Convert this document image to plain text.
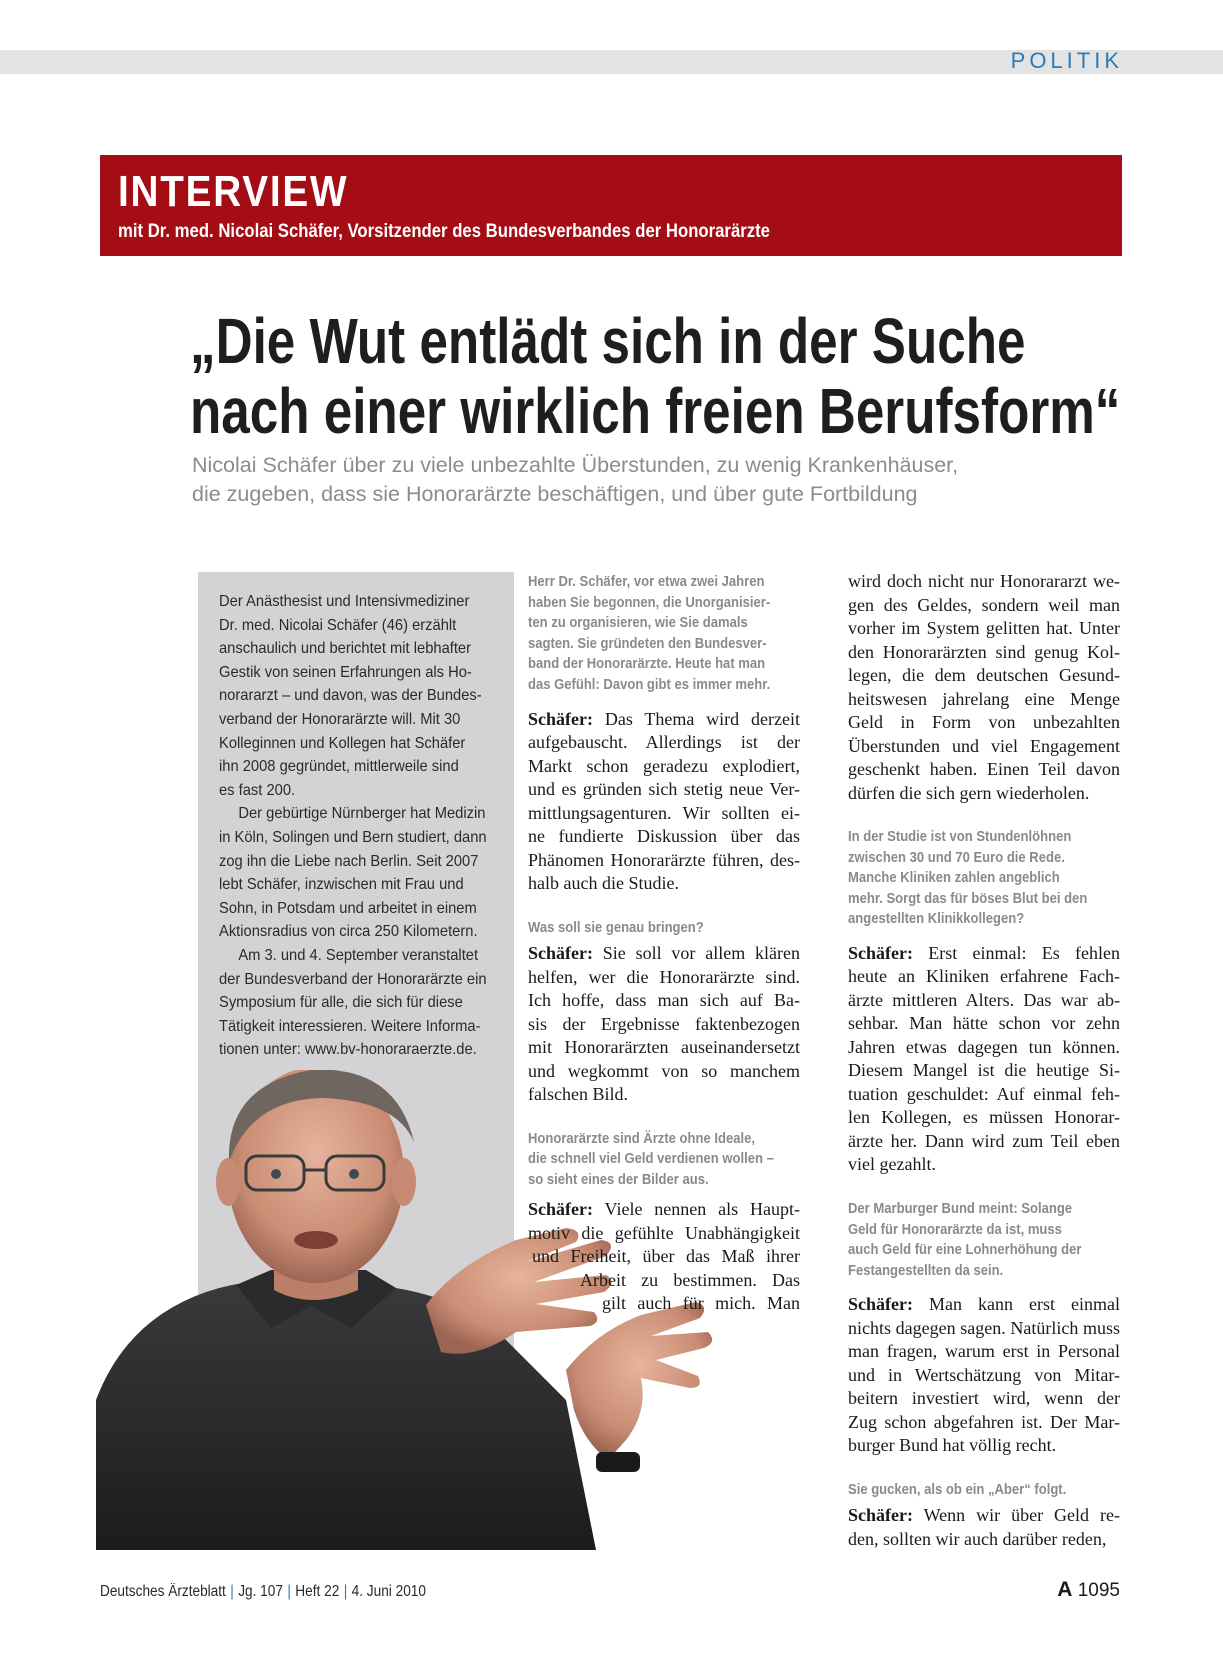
POLITIK
INTERVIEW
mit Dr. med. Nicolai Schäfer, Vorsitzender des Bundesverbandes der Honorarärzte
„Die Wut entlädt sich in der Suche
nach einer wirklich freien Berufsform“
Nicolai Schäfer über zu viele unbezahlte Überstunden, zu wenig Krankenhäuser,
die zugeben, dass sie Honorarärzte beschäftigen, und über gute Fortbildung
Der Anästhesist und Intensivmediziner
Dr. med. Nicolai Schäfer (46) erzählt
anschaulich und berichtet mit lebhafter
Gestik von seinen Erfahrungen als Ho-
norararzt – und davon, was der Bundes-
verband der Honorarärzte will. Mit 30
Kolleginnen und Kollegen hat Schäfer
ihn 2008 gegründet, mittlerweile sind
es fast 200.
Der gebürtige Nürnberger hat Medizin
in Köln, Solingen und Bern studiert, dann
zog ihn die Liebe nach Berlin. Seit 2007
lebt Schäfer, inzwischen mit Frau und
Sohn, in Potsdam und arbeitet in einem
Aktionsradius von circa 250 Kilometern.
Am 3. und 4. September veranstaltet
der Bundesverband der Honorarärzte ein
Symposium für alle, die sich für diese
Tätigkeit interessieren. Weitere Informa-
tionen unter: www.bv-honoraraerzte.de.
Herr Dr. Schäfer, vor etwa zwei Jahren
haben Sie begonnen, die Unorganisier-
ten zu organisieren, wie Sie damals
sagten. Sie gründeten den Bundesver-
band der Honorarärzte. Heute hat man
das Gefühl: Davon gibt es immer mehr.
Schäfer: Das Thema wird derzeit
aufgebauscht. Allerdings ist der
Markt schon geradezu explodiert,
und es gründen sich stetig neue Ver-
mittlungsagenturen. Wir sollten ei-
ne fundierte Diskussion über das
Phänomen Honorarärzte führen, des-
halb auch die Studie.
Was soll sie genau bringen?
Schäfer: Sie soll vor allem klären
helfen, wer die Honorarärzte sind.
Ich hoffe, dass man sich auf Ba-
sis der Ergebnisse faktenbezogen
mit Honorarärzten auseinandersetzt
und wegkommt von so manchem
falschen Bild.
Honorarärzte sind Ärzte ohne Ideale,
die schnell viel Geld verdienen wollen –
so sieht eines der Bilder aus.
Schäfer: Viele nennen als Haupt-
motiv die gefühlte Unabhängigkeit
und Freiheit, über das Maß ihrer
Arbeit zu bestimmen. Das
gilt auch für mich. Man
wird doch nicht nur Honorararzt we-
gen des Geldes, sondern weil man
vorher im System gelitten hat. Unter
den Honorarärzten sind genug Kol-
legen, die dem deutschen Gesund-
heitswesen jahrelang eine Menge
Geld in Form von unbezahlten
Überstunden und viel Engagement
geschenkt haben. Einen Teil davon
dürfen die sich gern wiederholen.
In der Studie ist von Stundenlöhnen
zwischen 30 und 70 Euro die Rede.
Manche Kliniken zahlen angeblich
mehr. Sorgt das für böses Blut bei den
angestellten Klinikkollegen?
Schäfer: Erst einmal: Es fehlen
heute an Kliniken erfahrene Fach-
ärzte mittleren Alters. Das war ab-
sehbar. Man hätte schon vor zehn
Jahren etwas dagegen tun können.
Diesem Mangel ist die heutige Si-
tuation geschuldet: Auf einmal feh-
len Kollegen, es müssen Honorar-
ärzte her. Dann wird zum Teil eben
viel gezahlt.
Der Marburger Bund meint: Solange
Geld für Honorarärzte da ist, muss
auch Geld für eine Lohnerhöhung der
Festangestellten da sein.
Schäfer: Man kann erst einmal
nichts dagegen sagen. Natürlich muss
man fragen, warum erst in Personal
und in Wertschätzung von Mitar-
beitern investiert wird, wenn der
Zug schon abgefahren ist. Der Mar-
burger Bund hat völlig recht.
Sie gucken, als ob ein „Aber“ folgt.
Schäfer: Wenn wir über Geld re-
den, sollten wir auch darüber reden,
Deutsches Ärzteblatt | Jg. 107 | Heft 22 | 4. Juni 2010	A 1095
